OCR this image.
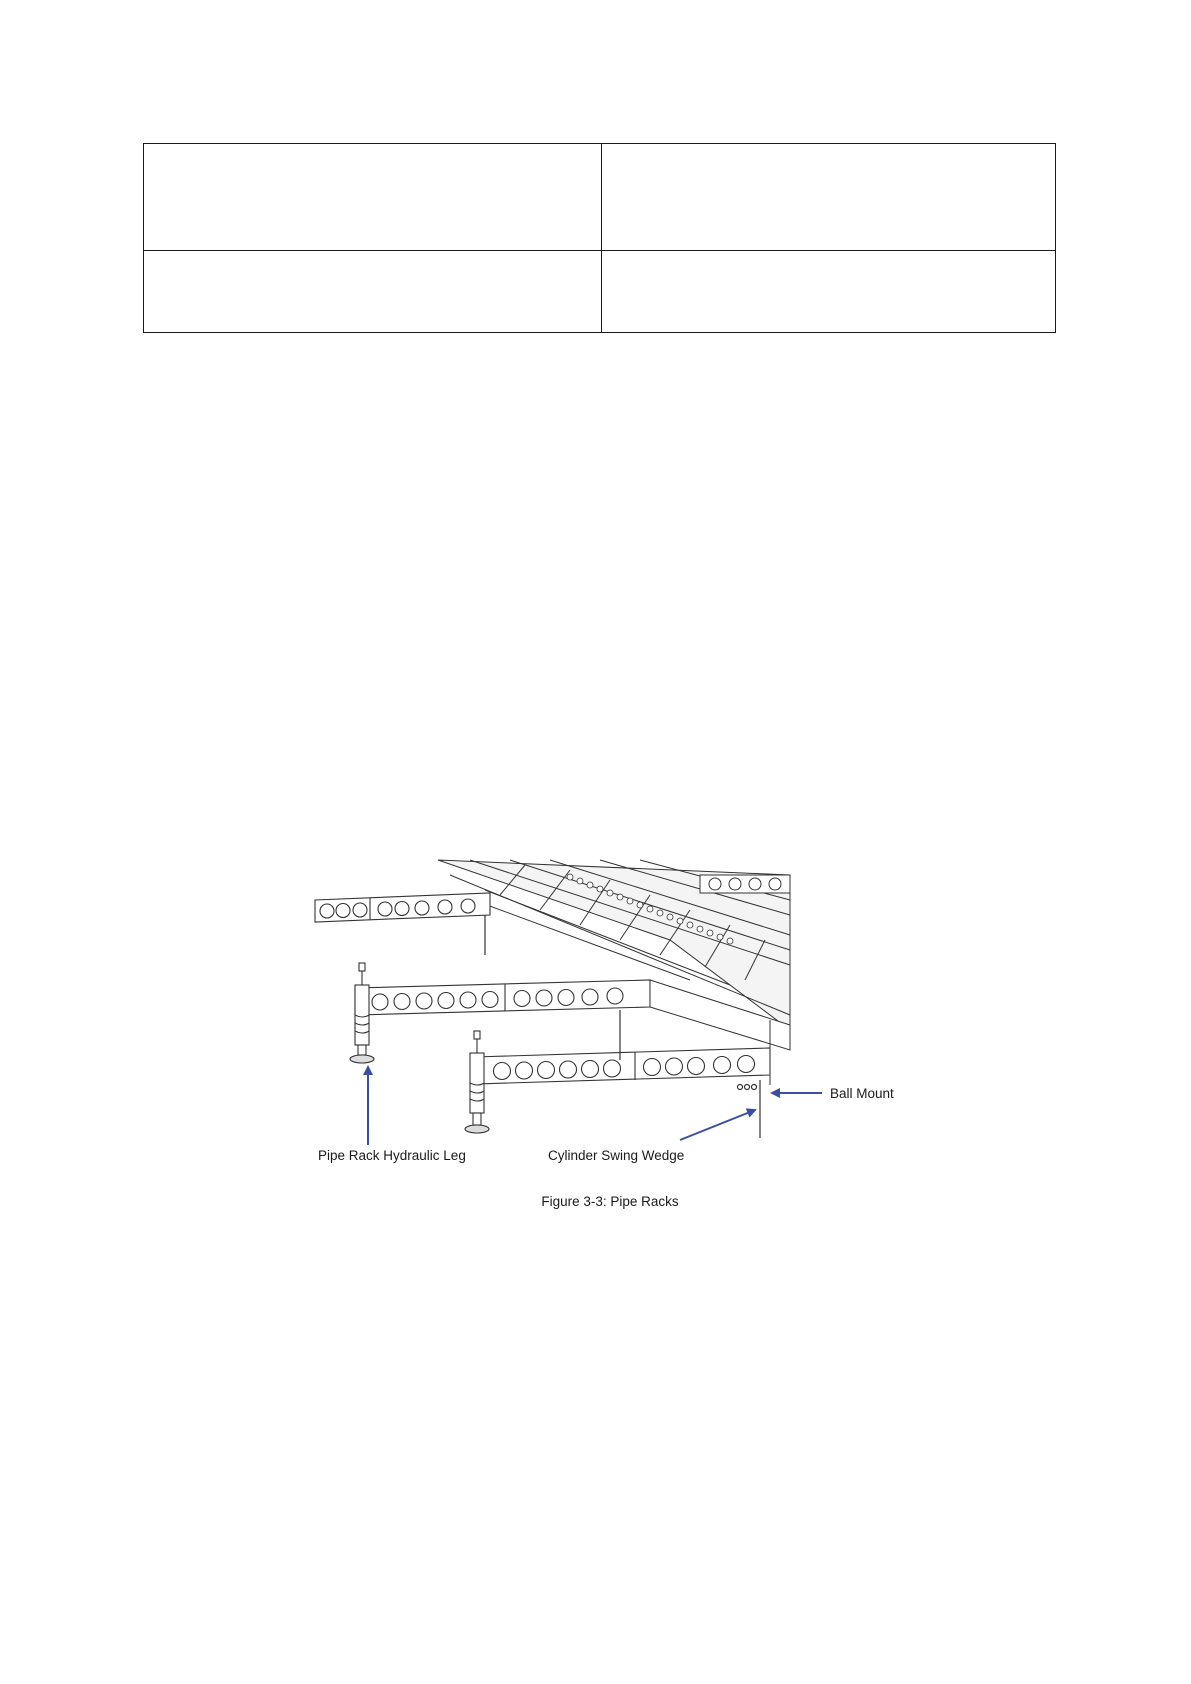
Pipe Rack Hydraulic Leg	Cylinder Swing Wedge
Ball Mount
Figure 3-3: Pipe Racks
